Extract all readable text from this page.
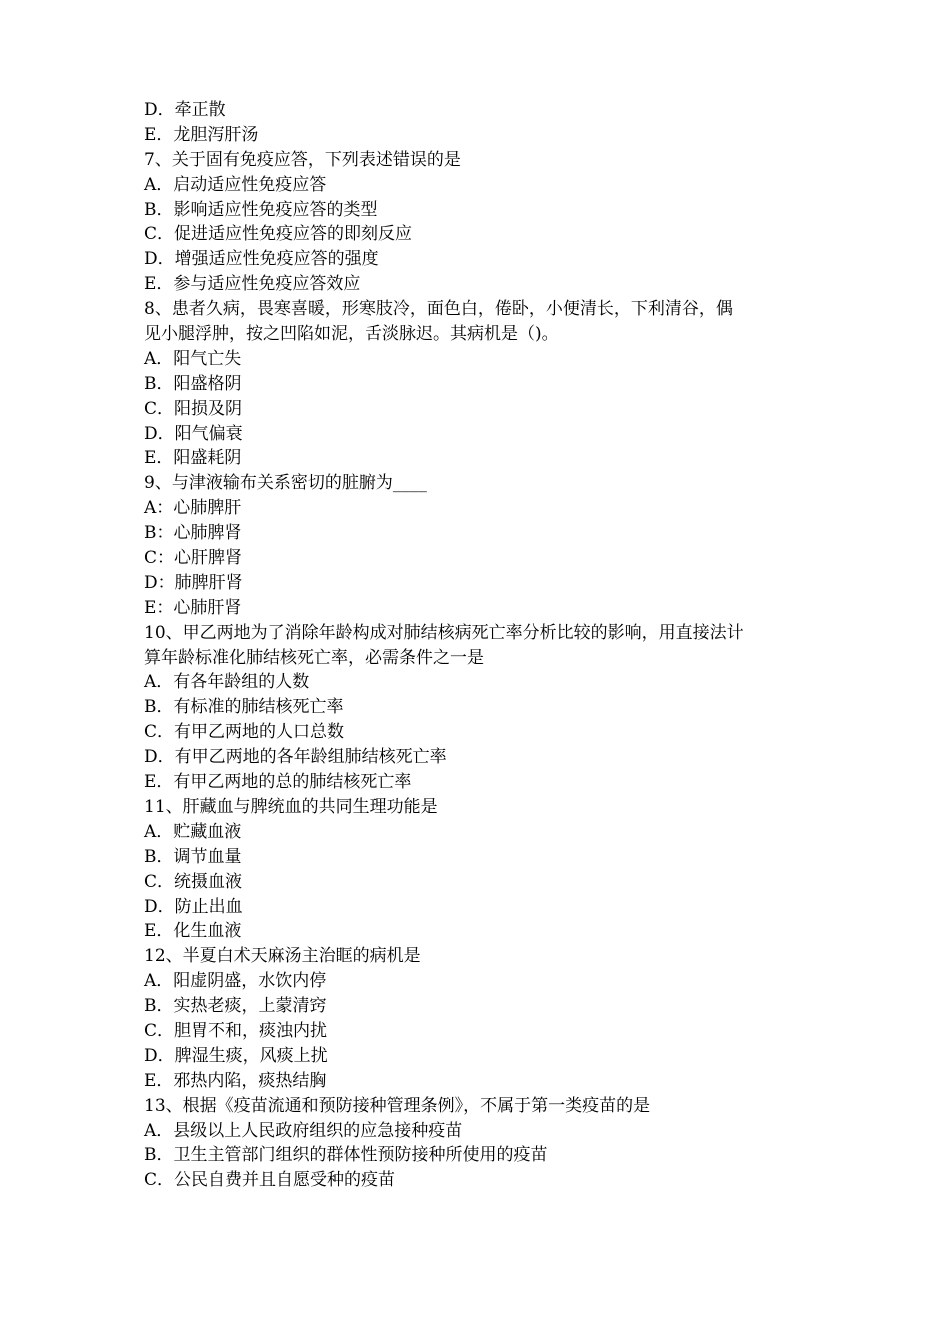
D．牵正散
E．龙胆泻肝汤
7、关于固有免疫应答，下列表述错误的是
A．启动适应性免疫应答
B．影响适应性免疫应答的类型
C．促进适应性免疫应答的即刻反应
D．增强适应性免疫应答的强度
E．参与适应性免疫应答效应
8、患者久病，畏寒喜暖，形寒肢冷，面色白，倦卧，小便清长，下利清谷，偶
见小腿浮肿，按之凹陷如泥，舌淡脉迟。其病机是（)。
A．阳气亡失
B．阳盛格阴
C．阳损及阴
D．阳气偏衰
E．阳盛耗阴
9、与津液输布关系密切的脏腑为____
A：心肺脾肝
B：心肺脾肾
C：心肝脾肾
D：肺脾肝肾
E：心肺肝肾
10、甲乙两地为了消除年龄构成对肺结核病死亡率分析比较的影响，用直接法计
算年龄标准化肺结核死亡率，必需条件之一是
A．有各年龄组的人数
B．有标准的肺结核死亡率
C．有甲乙两地的人口总数
D．有甲乙两地的各年龄组肺结核死亡率
E．有甲乙两地的总的肺结核死亡率
11、肝藏血与脾统血的共同生理功能是
A．贮藏血液
B．调节血量
C．统摄血液
D．防止出血
E．化生血液
12、半夏白术天麻汤主治眶的病机是
A．阳虚阴盛，水饮内停
B．实热老痰，上蒙清窍
C．胆胃不和，痰浊内扰
D．脾湿生痰，风痰上扰
E．邪热内陷，痰热结胸
13、根据《疫苗流通和预防接种管理条例》，不属于第一类疫苗的是
A．县级以上人民政府组织的应急接种疫苗
B．卫生主管部门组织的群体性预防接种所使用的疫苗
C．公民自费并且自愿受种的疫苗
